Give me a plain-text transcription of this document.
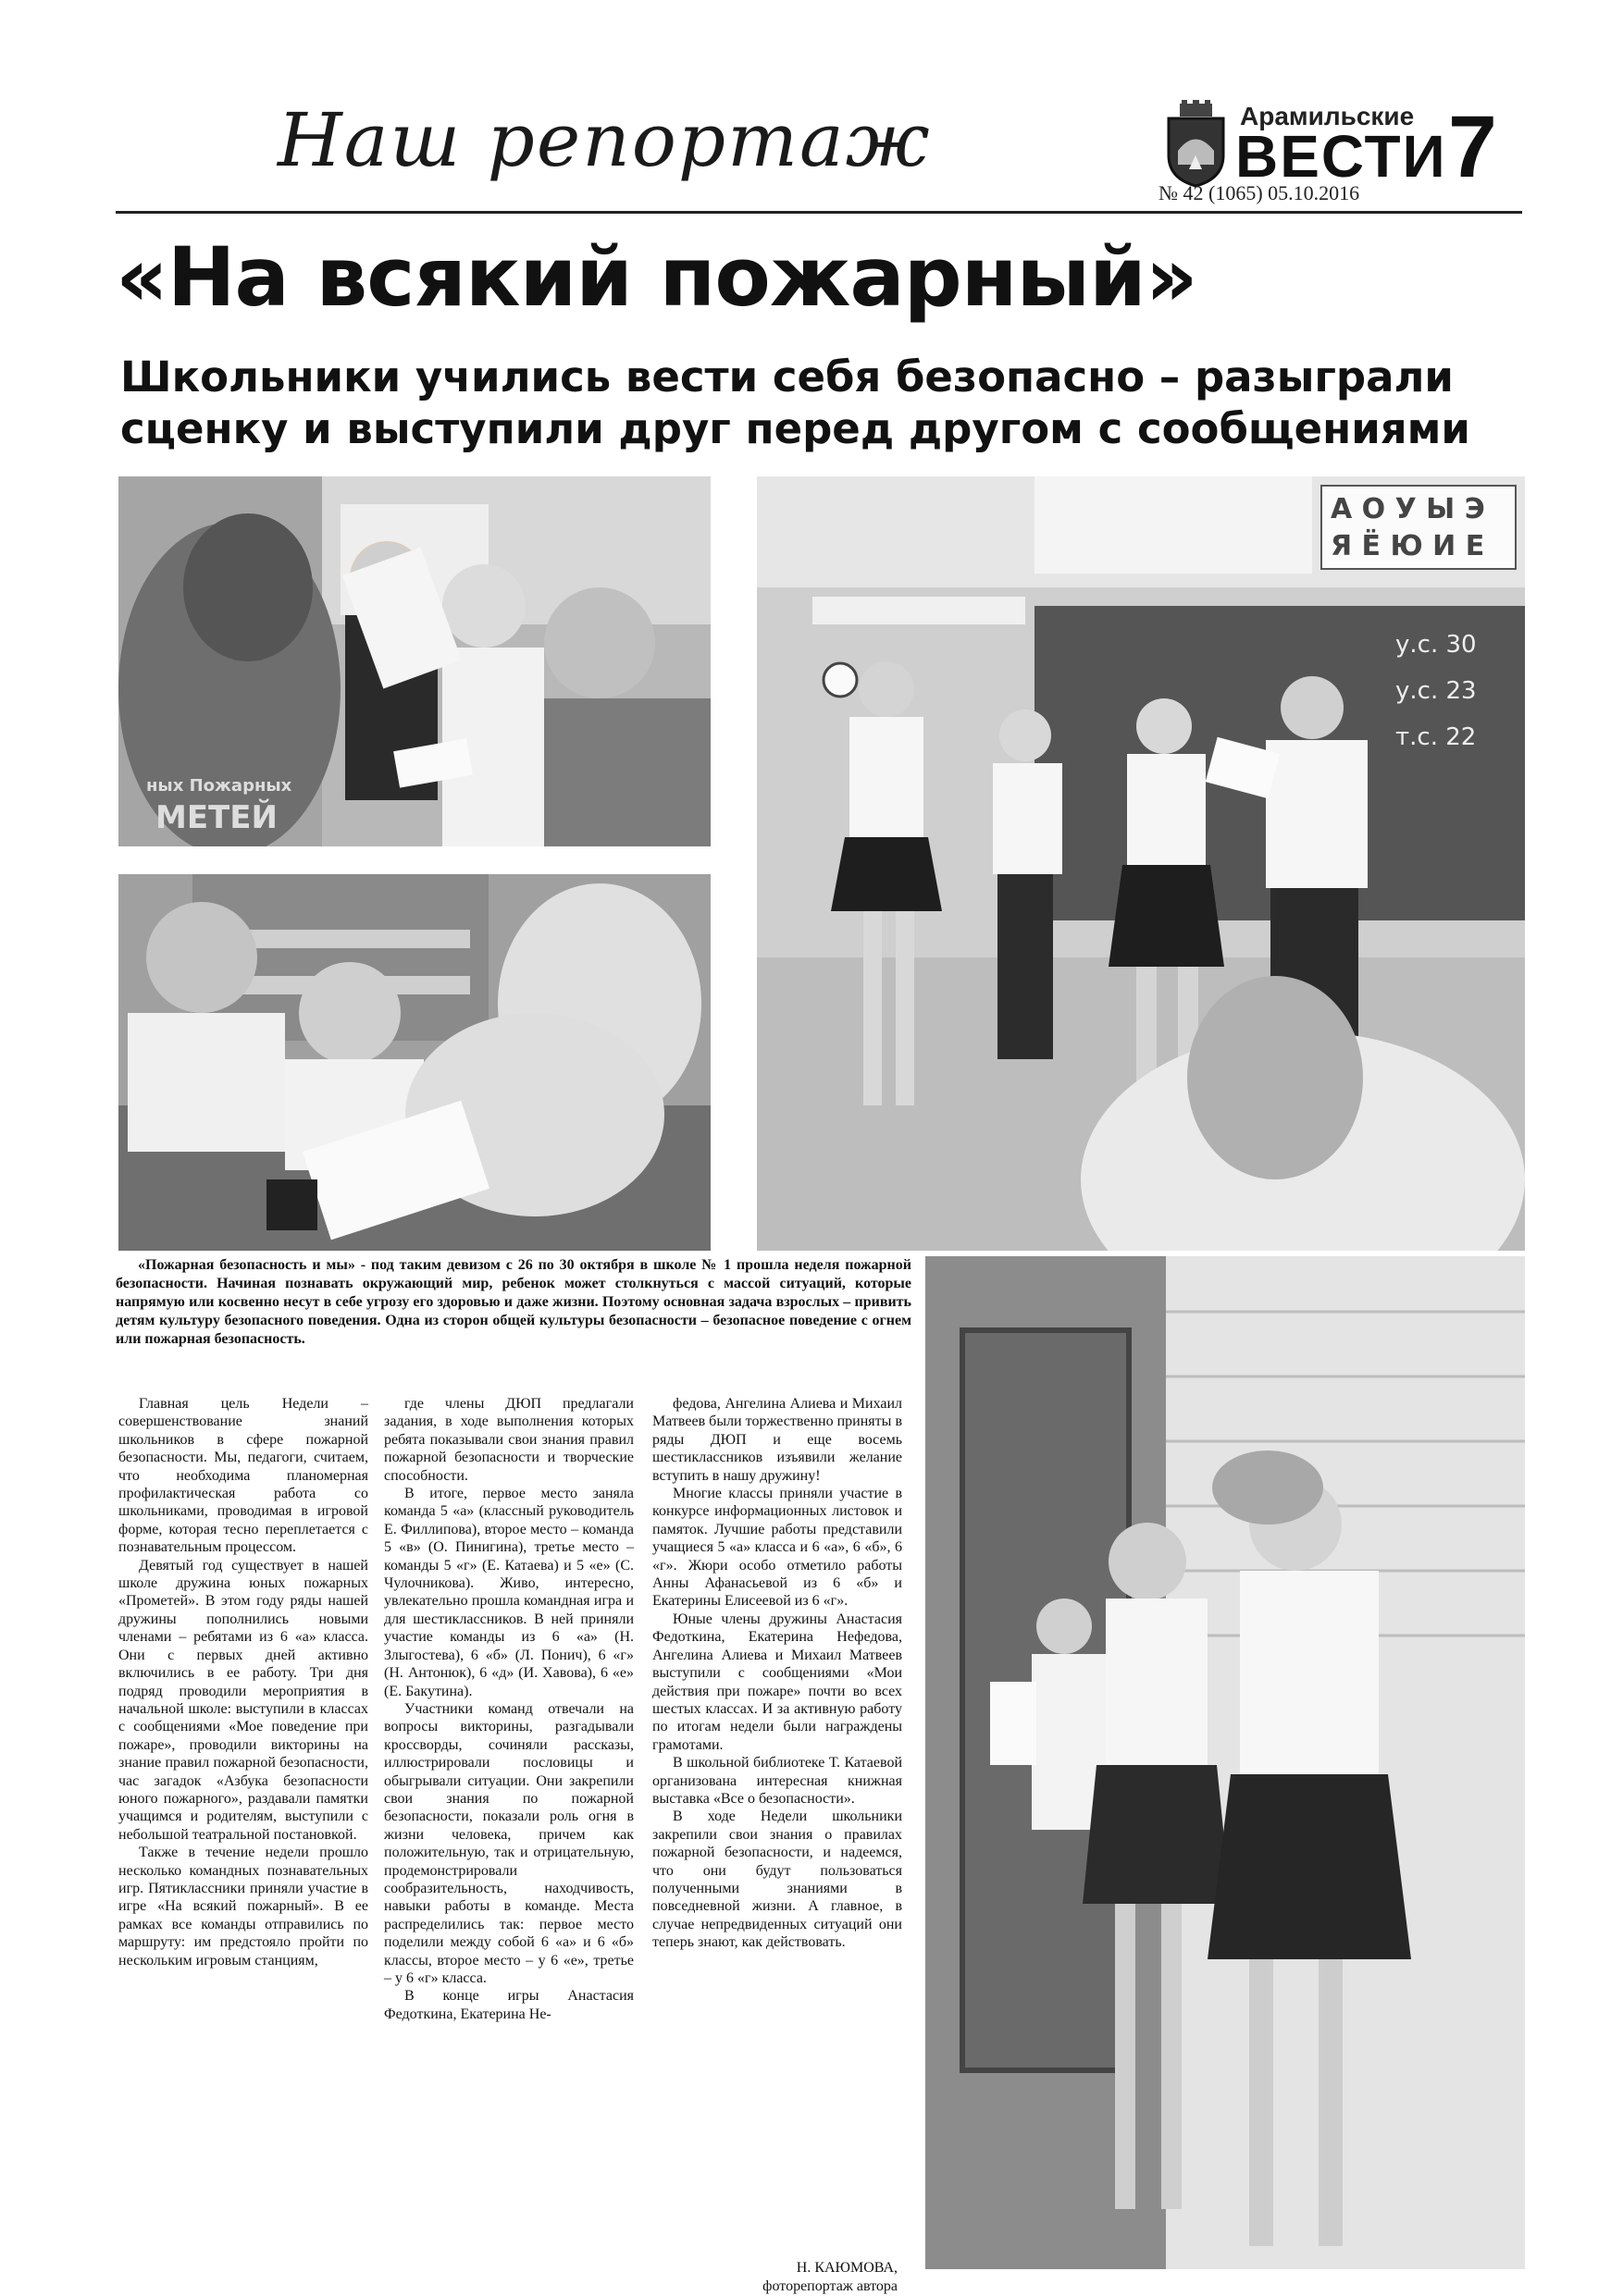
Наш репортаж	Арамильские
ВЕСТИ
№ 42 (1065) 05.10.2016 7
«На всякий пожарный»
Школьники учились вести себя безопасно – разыграли сценку и выступили друг перед другом с сообщениями
ных Пожарных
МЕТЕЙ
А О У Ы Э
Я Ё Ю И Е
у.с. 30
у.с. 23
т.с. 22
«Пожарная безопасность и мы» - под таким девизом с 26 по 30 октября в школе № 1 прошла неделя пожарной безопасности. Начиная познавать окружающий мир, ребенок может столкнуться с массой ситуаций, которые напрямую или косвенно несут в себе угрозу его здоровью и даже жизни. Поэтому основная задача взрослых – привить детям культуру безопасного поведения. Одна из сторон общей культуры безопасности – безопасное поведение с огнем или пожарная безопасность.

Главная цель Недели – совершенствование знаний школьников в сфере пожарной безопасности. Мы, педагоги, считаем, что необходима планомерная профилактическая работа со школьниками, проводимая в игровой форме, которая тесно переплетается с познавательным процессом.

Девятый год существует в нашей школе дружина юных пожарных «Прометей». В этом году ряды нашей дружины пополнились новыми членами – ребятами из 6 «а» класса. Они с первых дней активно включились в ее работу. Три дня подряд проводили мероприятия в начальной школе: выступили в классах с сообщениями «Мое поведение при пожаре», проводили викторины на знание правил пожарной безопасности, час загадок «Азбука безопасности юного пожарного», раздавали памятки учащимся и родителям, выступили с небольшой театральной постановкой.

Также в течение недели прошло несколько командных познавательных игр. Пятиклассники приняли участие в игре «На всякий пожарный». В ее рамках все команды отправились по маршруту: им предстояло пройти по нескольким игровым станциям,

где члены ДЮП предлагали задания, в ходе выполнения которых ребята показывали свои знания правил пожарной безопасности и творческие способности.

В итоге, первое место заняла команда 5 «а» (классный руководитель Е. Филлипова), второе место – команда 5 «в» (О. Пинигина), третье место – команды 5 «г» (Е. Катаева) и 5 «е» (С. Чулочникова). Живо, интересно, увлекательно прошла командная игра и для шестиклассников. В ней приняли участие команды из 6 «а» (Н. Злыгостева), 6 «б» (Л. Понич), 6 «г» (Н. Антонюк), 6 «д» (И. Хавова), 6 «е» (Е. Бакутина).

Участники команд отвечали на вопросы викторины, разгадывали кроссворды, сочиняли рассказы, иллюстрировали пословицы и обыгрывали ситуации. Они закрепили свои знания по пожарной безопасности, показали роль огня в жизни человека, причем как положительную, так и отрицательную, продемонстрировали сообразительность, находчивость, навыки работы в команде. Места распределились так: первое место поделили между собой 6 «а» и 6 «б» классы, второе место – у 6 «е», третье – у 6 «г» класса.

В конце игры Анастасия Федоткина, Екатерина Не-

федова, Ангелина Алиева и Михаил Матвеев были торжественно приняты в ряды ДЮП и еще восемь шестиклассников изъявили желание вступить в нашу дружину!

Многие классы приняли участие в конкурсе информационных листовок и памяток. Лучшие работы представили учащиеся 5 «а» класса и 6 «а», 6 «б», 6 «г». Жюри особо отметило работы Анны Афанасьевой из 6 «б» и Екатерины Елисеевой из 6 «г».

Юные члены дружины Анастасия Федоткина, Екатерина Нефедова, Ангелина Алиева и Михаил Матвеев выступили с сообщениями «Мои действия при пожаре» почти во всех шестых классах. И за активную работу по итогам недели были награждены грамотами.

В школьной библиотеке Т. Катаевой организована интересная книжная выставка «Все о безопасности».

В ходе Недели школьники закрепили свои знания о правилах пожарной безопасности, и надеемся, что они будут пользоваться полученными знаниями в повседневной жизни. А главное, в случае непредвиденных ситуаций они теперь знают, как действовать.

Н. КАЮМОВА,
фоторепортаж автора
